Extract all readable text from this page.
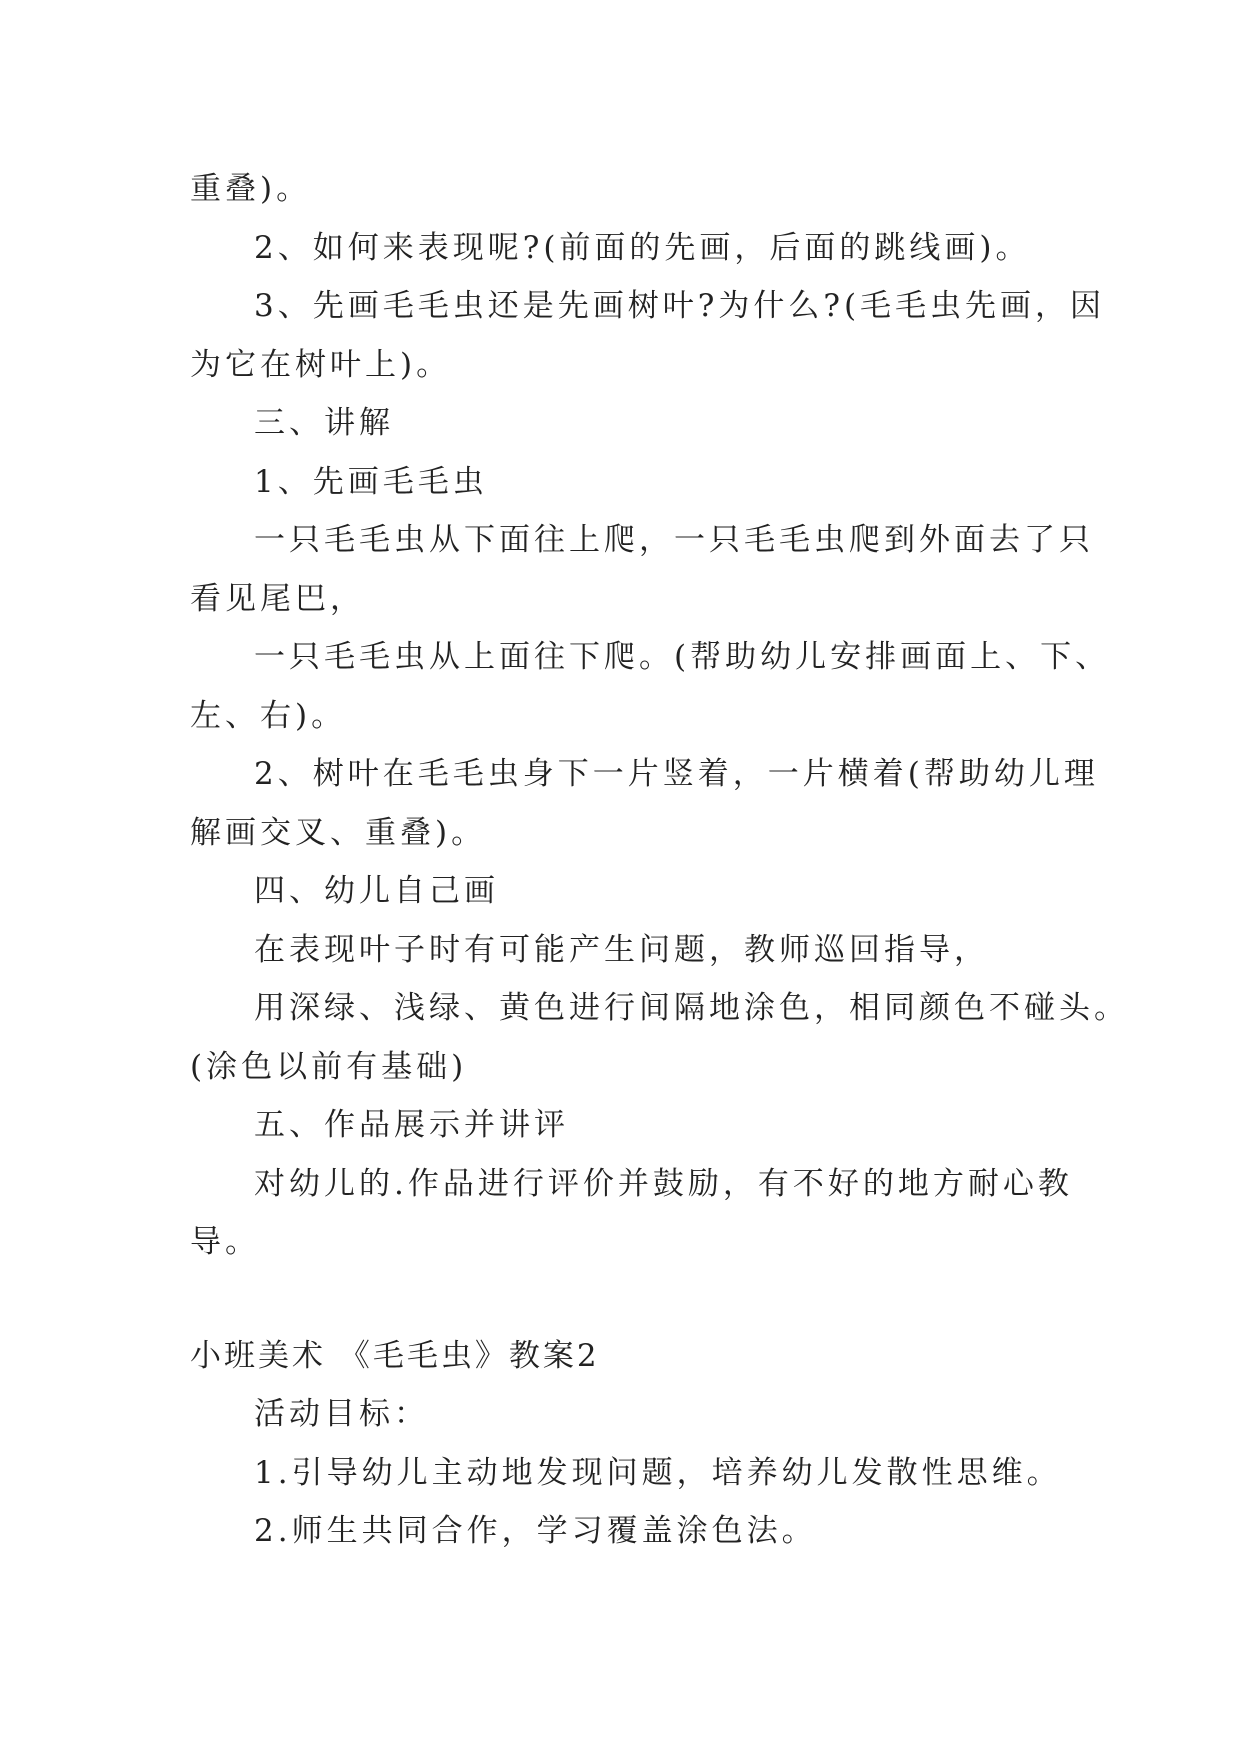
重叠)。

2、如何来表现呢?(前面的先画，后面的跳线画)。

3、先画毛毛虫还是先画树叶?为什么?(毛毛虫先画，因

为它在树叶上)。

三、讲解

1、先画毛毛虫

一只毛毛虫从下面往上爬，一只毛毛虫爬到外面去了只

看见尾巴，

一只毛毛虫从上面往下爬。(帮助幼儿安排画面上、下、

左、右)。

2、树叶在毛毛虫身下一片竖着，一片横着(帮助幼儿理

解画交叉、重叠)。

四、幼儿自己画

在表现叶子时有可能产生问题，教师巡回指导，

用深绿、浅绿、黄色进行间隔地涂色，相同颜色不碰头。

(涂色以前有基础)

五、作品展示并讲评

对幼儿的.作品进行评价并鼓励，有不好的地方耐心教

导。

小班美术 《毛毛虫》教案2

活动目标：

1.引导幼儿主动地发现问题，培养幼儿发散性思维。

2.师生共同合作，学习覆盖涂色法。
